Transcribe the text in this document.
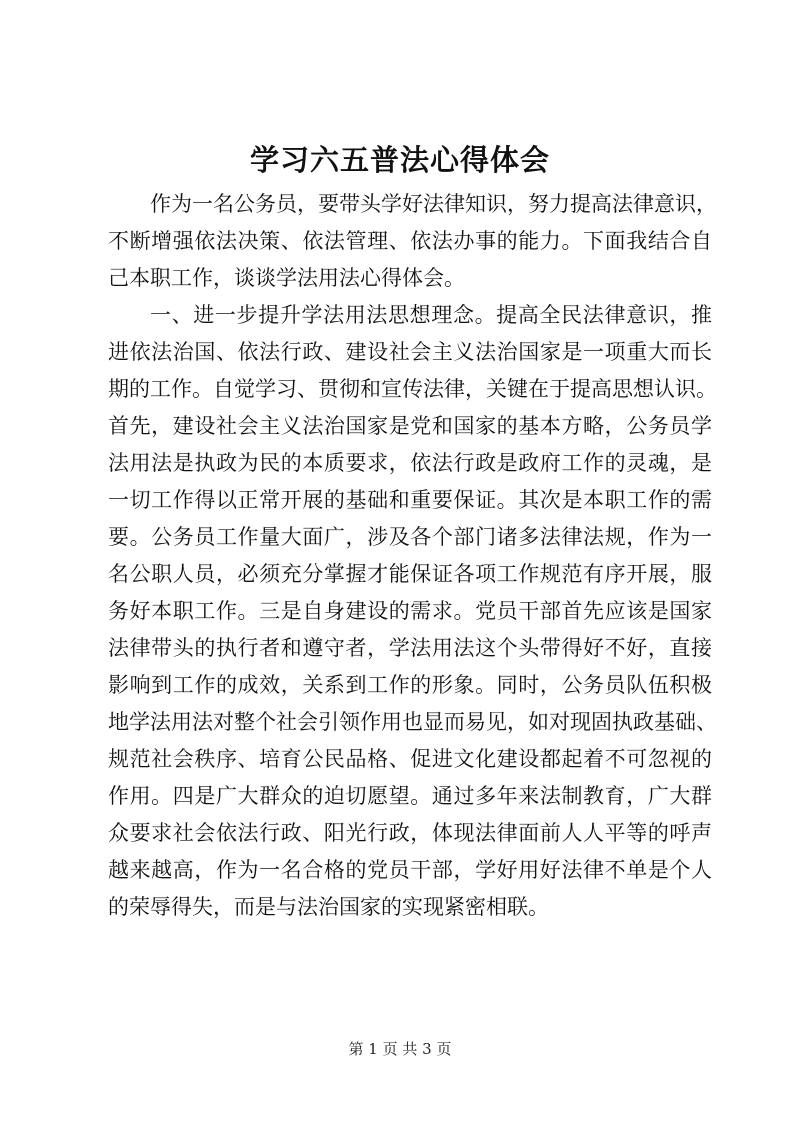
学习六五普法心得体会
作为一名公务员，要带头学好法律知识，努力提高法律意识，
不断增强依法决策、依法管理、依法办事的能力。下面我结合自
己本职工作，谈谈学法用法心得体会。
一、进一步提升学法用法思想理念。提高全民法律意识，推
进依法治国、依法行政、建设社会主义法治国家是一项重大而长
期的工作。自觉学习、贯彻和宣传法律，关键在于提高思想认识。
首先，建设社会主义法治国家是党和国家的基本方略，公务员学
法用法是执政为民的本质要求，依法行政是政府工作的灵魂，是
一切工作得以正常开展的基础和重要保证。其次是本职工作的需
要。公务员工作量大面广，涉及各个部门诸多法律法规，作为一
名公职人员，必须充分掌握才能保证各项工作规范有序开展，服
务好本职工作。三是自身建设的需求。党员干部首先应该是国家
法律带头的执行者和遵守者，学法用法这个头带得好不好，直接
影响到工作的成效，关系到工作的形象。同时，公务员队伍积极
地学法用法对整个社会引领作用也显而易见，如对现固执政基础、
规范社会秩序、培育公民品格、促进文化建设都起着不可忽视的
作用。四是广大群众的迫切愿望。通过多年来法制教育，广大群
众要求社会依法行政、阳光行政，体现法律面前人人平等的呼声
越来越高，作为一名合格的党员干部，学好用好法律不单是个人
的荣辱得失，而是与法治国家的实现紧密相联。
第 1 页 共 3 页
